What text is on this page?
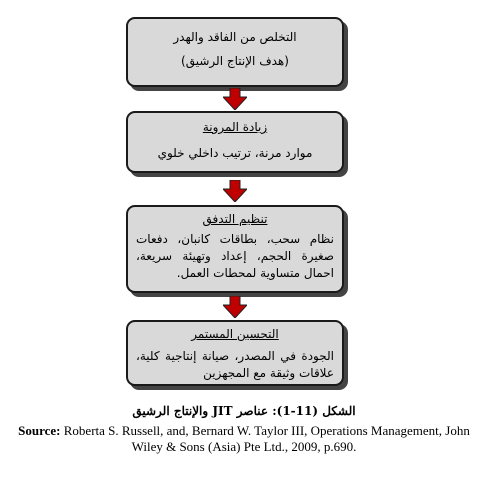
التخلص من الفاقد والهدر
(هدف الإنتاج الرشيق)
زيادة المرونة
موارد مرنة، ترتيب داخلي خلوي
تنظيم التدفق
نظام سحب، بطاقات كانبان، دفعات صغيرة الحجم، إعداد وتهيئة سريعة، احمال متساوية لمحطات العمل.
التحسين المستمر
الجودة في المصدر، صيانة إنتاجية كلية، علاقات وثيقة مع المجهزين
الشكل (11-1): عناصر JIT والإنتاج الرشيق
Source: Roberta S. Russell, and, Bernard W. Taylor III, Operations Management, John Wiley & Sons (Asia) Pte Ltd., 2009, p.690.
